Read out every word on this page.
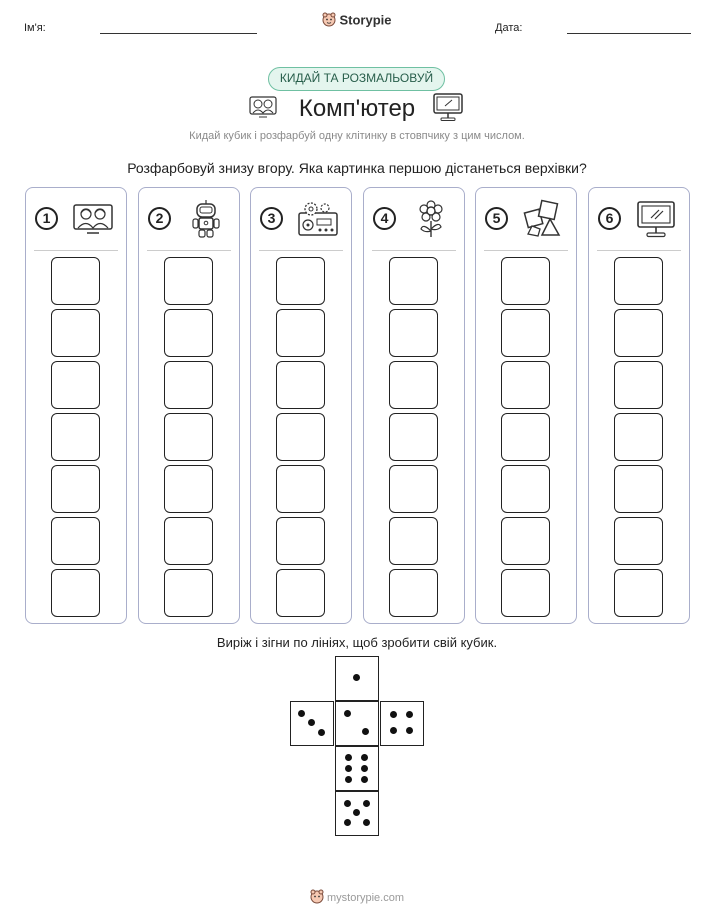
Ім'я:
Storypie
Дата:
КИДАЙ ТА РОЗМАЛЬОВУЙ
Комп'ютер
Кидай кубик і розфарбуй одну клітинку в стовпчику з цим числом.
Розфарбовуй знизу вгору. Яка картинка першою дістанеться верхівки?
1	2	3	4	5	6
Виріж і зігни по лініях, щоб зробити свій кубик.
mystorypie.com
